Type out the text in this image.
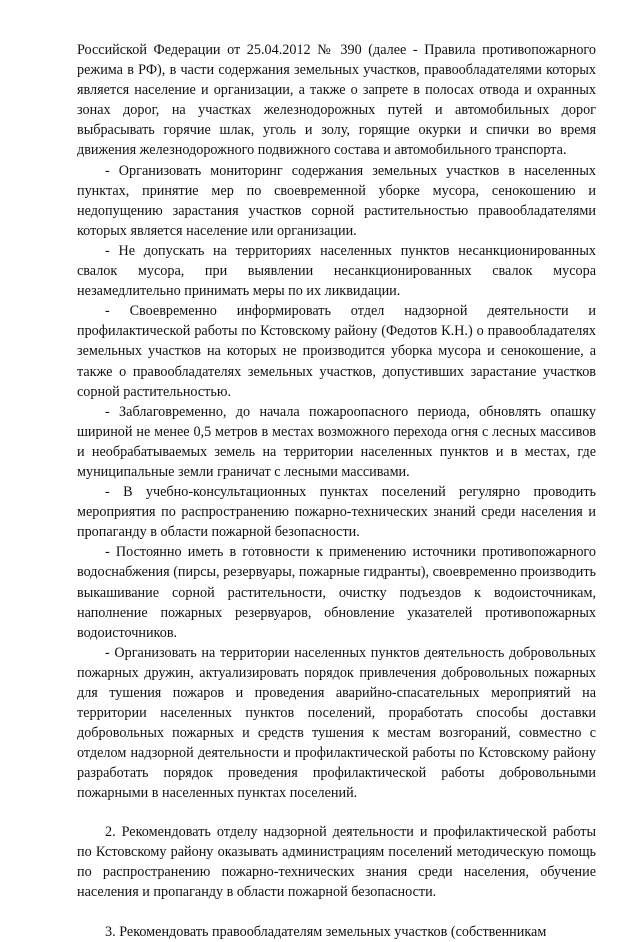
Российской Федерации от 25.04.2012 № 390 (далее - Правила противопожарного режима в РФ), в части содержания земельных участков, правообладателями которых является население и организации, а также о запрете в полосах отвода и охранных зонах дорог, на участках железнодорожных путей и автомобильных дорог выбрасывать горячие шлак, уголь и золу, горящие окурки и спички во время движения железнодорожного подвижного состава и автомобильного транспорта.

- Организовать мониторинг содержания земельных участков в населенных пунктах, принятие мер по своевременной уборке мусора, сенокошению и недопущению зарастания участков сорной растительностью правообладателями которых является население или организации.

- Не допускать на территориях населенных пунктов несанкционированных свалок мусора, при выявлении несанкционированных свалок мусора незамедлительно принимать меры по их ликвидации.

- Своевременно информировать отдел надзорной деятельности и профилактической работы по Кстовскому району (Федотов К.Н.) о правообладателях земельных участков на которых не производится уборка мусора и сенокошение, а также о правообладателях земельных участков, допустивших зарастание участков сорной растительностью.

- Заблаговременно, до начала пожароопасного периода, обновлять опашку шириной не менее 0,5 метров в местах возможного перехода огня с лесных массивов и необрабатываемых земель на территории населенных пунктов и в местах, где муниципальные земли граничат с лесными массивами.

- В учебно-консультационных пунктах поселений регулярно проводить мероприятия по распространению пожарно-технических знаний среди населения и пропаганду в области пожарной безопасности.

- Постоянно иметь в готовности к применению источники противопожарного водоснабжения (пирсы, резервуары, пожарные гидранты), своевременно производить выкашивание сорной растительности, очистку подъездов к водоисточникам, наполнение пожарных резервуаров, обновление указателей противопожарных водоисточников.

- Организовать на территории населенных пунктов деятельность добровольных пожарных дружин, актуализировать порядок привлечения добровольных пожарных для тушения пожаров и проведения аварийно-спасательных мероприятий на территории населенных пунктов поселений, проработать способы доставки добровольных пожарных и средств тушения к местам возгораний, совместно с отделом надзорной деятельности и профилактической работы по Кстовскому району разработать порядок проведения профилактической работы добровольными пожарными в населенных пунктах поселений.

2. Рекомендовать отделу надзорной деятельности и профилактической работы по Кстовскому району оказывать администрациям поселений методическую помощь по распространению пожарно-технических знания среди населения, обучение населения и пропаганду в области пожарной безопасности.

3. Рекомендовать правообладателям земельных участков (собственникам
